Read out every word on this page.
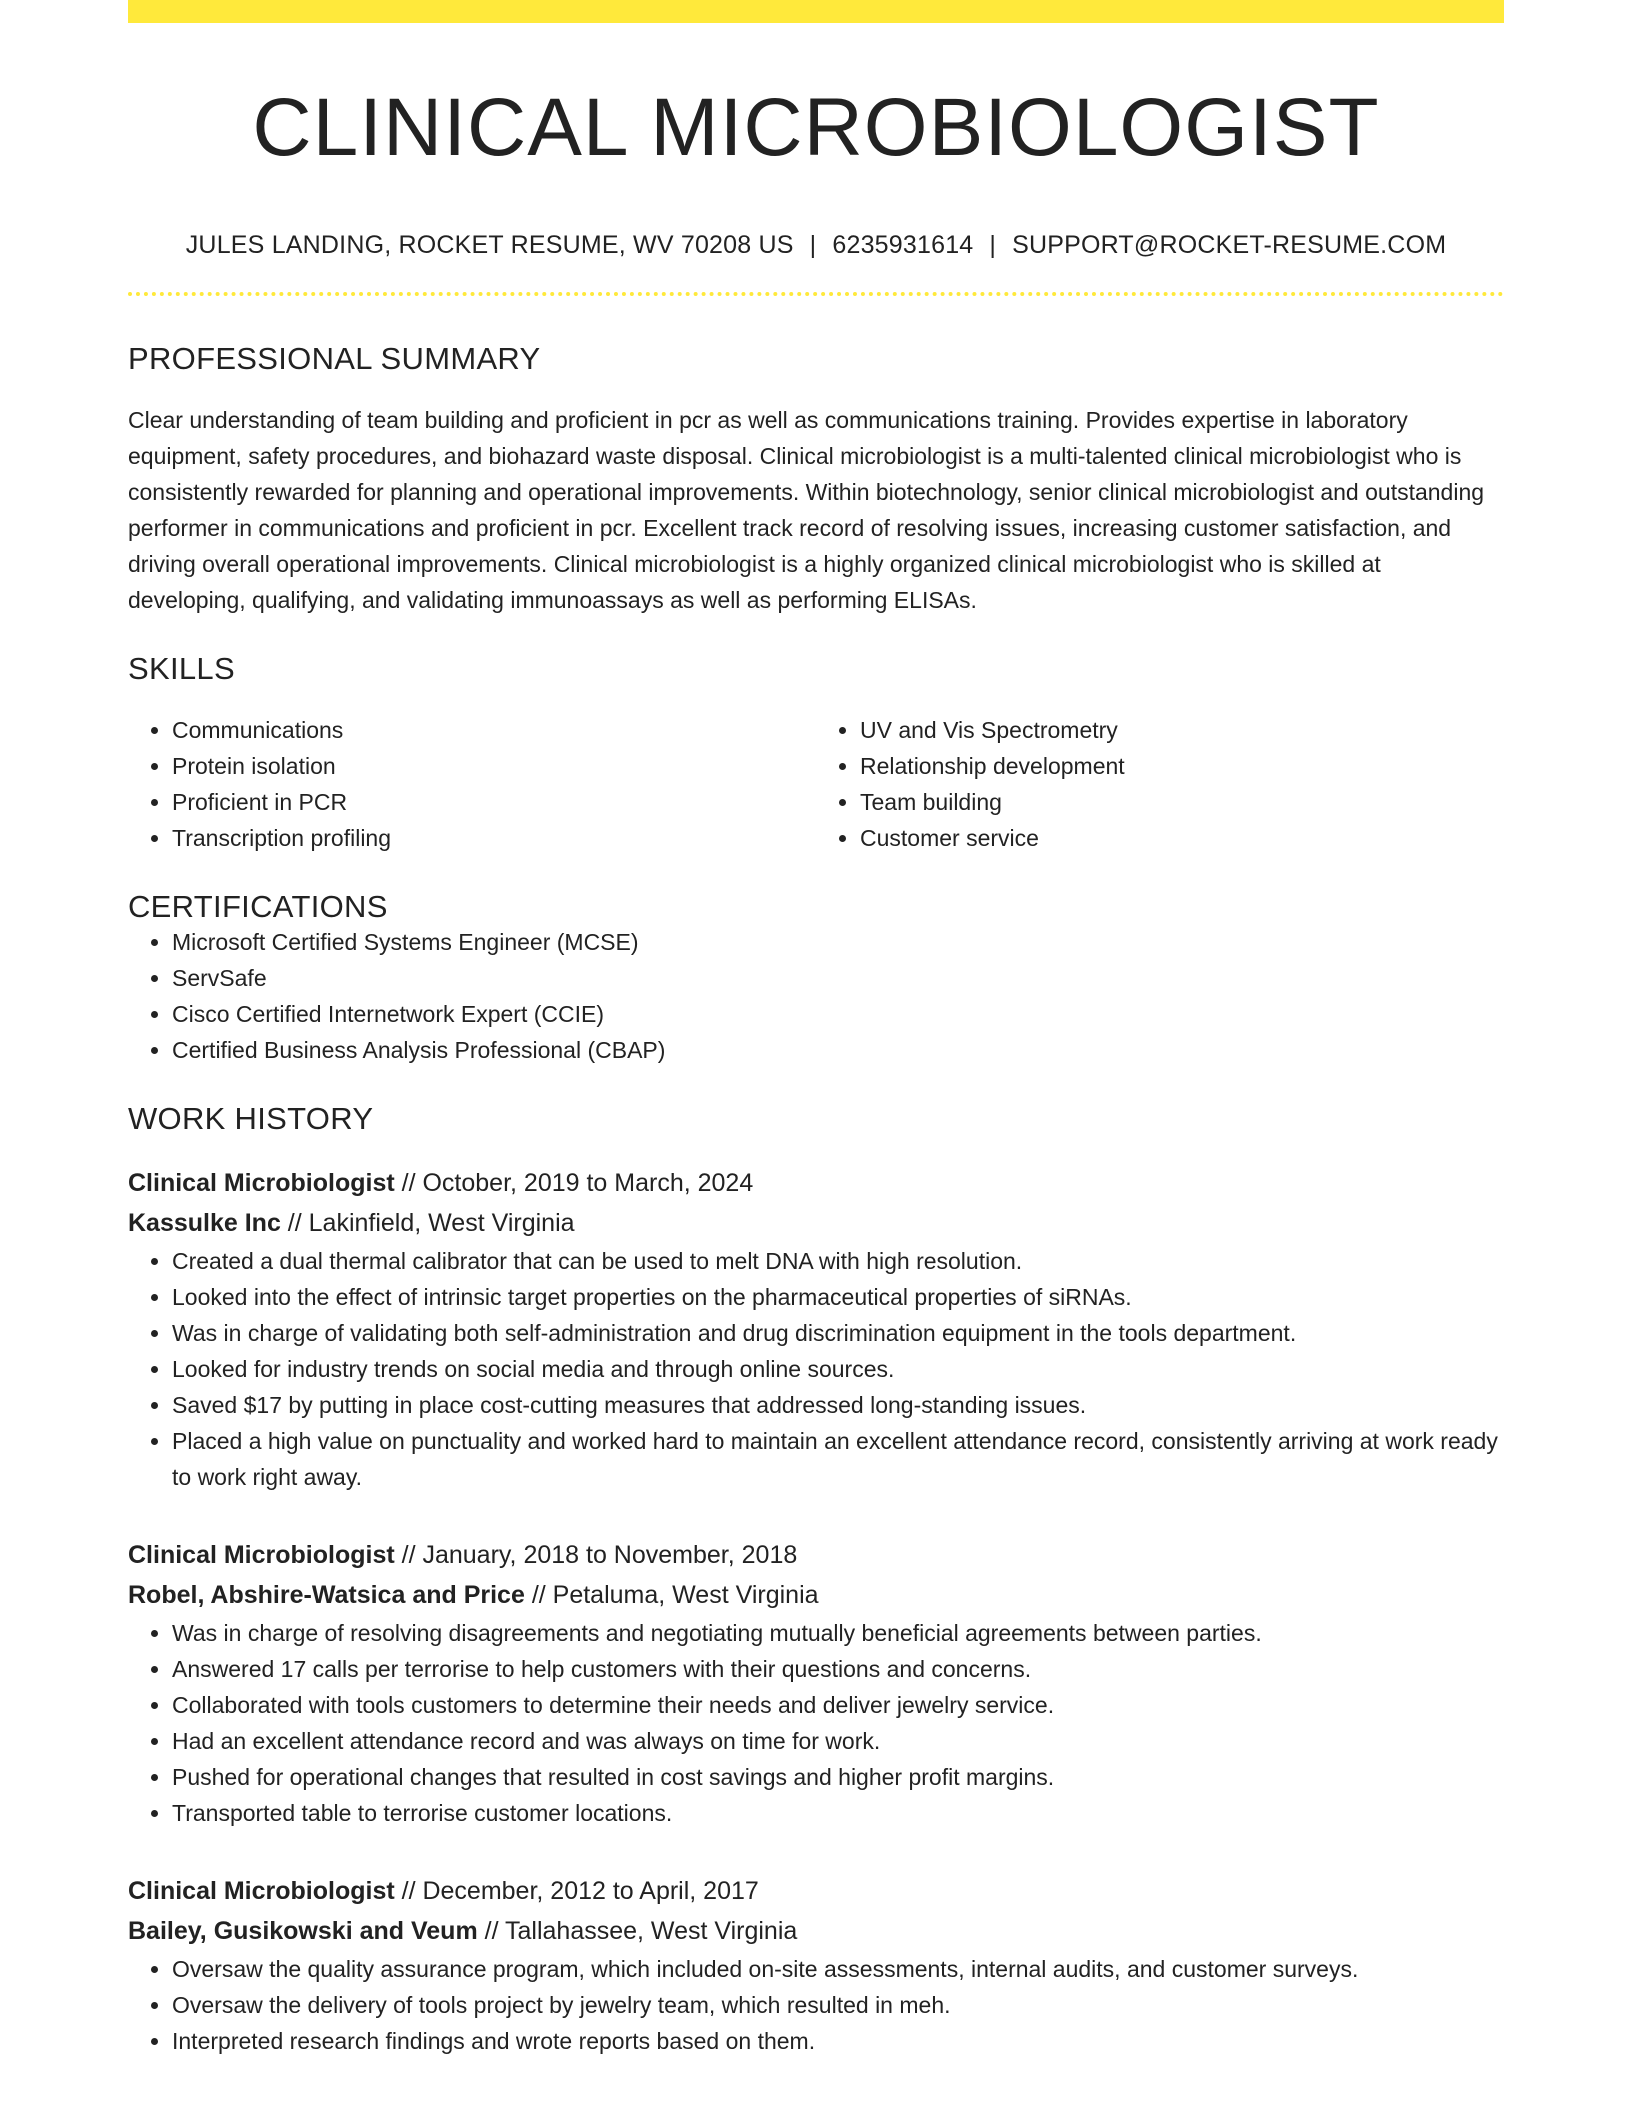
CLINICAL MICROBIOLOGIST
JULES LANDING, ROCKET RESUME, WV 70208 US | 6235931614 | SUPPORT@ROCKET-RESUME.COM
PROFESSIONAL SUMMARY

Clear understanding of team building and proficient in pcr as well as communications training. Provides expertise in laboratory equipment, safety procedures, and biohazard waste disposal. Clinical microbiologist is a multi-talented clinical microbiologist who is consistently rewarded for planning and operational improvements. Within biotechnology, senior clinical microbiologist and outstanding performer in communications and proficient in pcr. Excellent track record of resolving issues, increasing customer satisfaction, and driving overall operational improvements. Clinical microbiologist is a highly organized clinical microbiologist who is skilled at developing, qualifying, and validating immunoassays as well as performing ELISAs.

SKILLS
• Communications
• Protein isolation
• Proficient in PCR
• Transcription profiling
• UV and Vis Spectrometry
• Relationship development
• Team building
• Customer service
CERTIFICATIONS
• Microsoft Certified Systems Engineer (MCSE)
• ServSafe
• Cisco Certified Internetwork Expert (CCIE)
• Certified Business Analysis Professional (CBAP)
WORK HISTORY
Clinical Microbiologist // October, 2019 to March, 2024
Kassulke Inc // Lakinfield, West Virginia
• Created a dual thermal calibrator that can be used to melt DNA with high resolution.
• Looked into the effect of intrinsic target properties on the pharmaceutical properties of siRNAs.
• Was in charge of validating both self-administration and drug discrimination equipment in the tools department.
• Looked for industry trends on social media and through online sources.
• Saved $17 by putting in place cost-cutting measures that addressed long-standing issues.
• Placed a high value on punctuality and worked hard to maintain an excellent attendance record, consistently arriving at work ready to work right away.
Clinical Microbiologist // January, 2018 to November, 2018
Robel, Abshire-Watsica and Price // Petaluma, West Virginia
• Was in charge of resolving disagreements and negotiating mutually beneficial agreements between parties.
• Answered 17 calls per terrorise to help customers with their questions and concerns.
• Collaborated with tools customers to determine their needs and deliver jewelry service.
• Had an excellent attendance record and was always on time for work.
• Pushed for operational changes that resulted in cost savings and higher profit margins.
• Transported table to terrorise customer locations.
Clinical Microbiologist // December, 2012 to April, 2017
Bailey, Gusikowski and Veum // Tallahassee, West Virginia
• Oversaw the quality assurance program, which included on-site assessments, internal audits, and customer surveys.
• Oversaw the delivery of tools project by jewelry team, which resulted in meh.
• Interpreted research findings and wrote reports based on them.
